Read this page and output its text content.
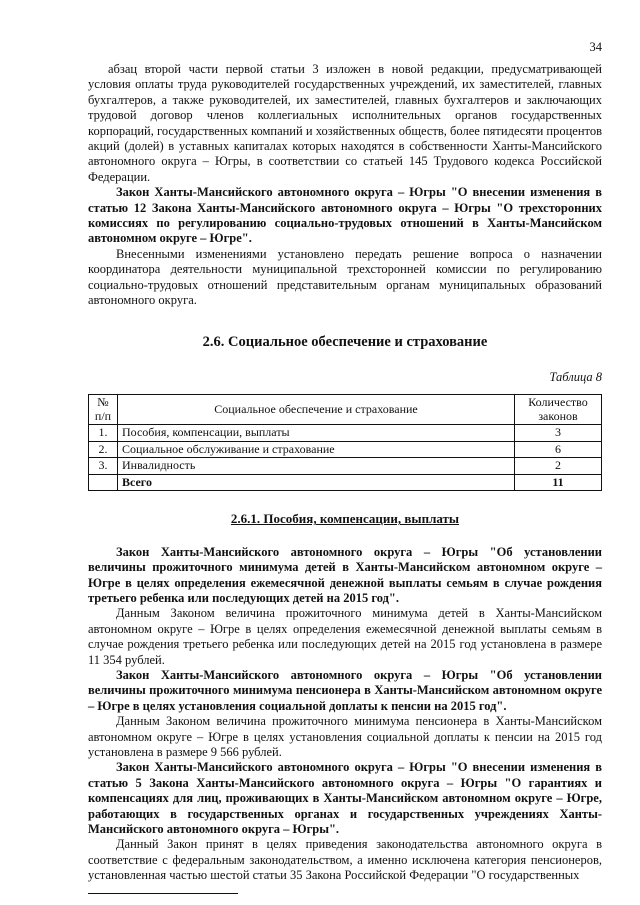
34

абзац второй части первой статьи 3 изложен в новой редакции, предусматривающей условия оплаты труда руководителей государственных учреждений, их заместителей, главных бухгалтеров, а также руководителей, их заместителей, главных бухгалтеров и заключающих трудовой договор членов коллегиальных исполнительных органов государственных корпораций, государственных компаний и хозяйственных обществ, более пятидесяти процентов акций (долей) в уставных капиталах которых находятся в собственности Ханты-Мансийского автономного округа – Югры, в соответствии со статьей 145 Трудового кодекса Российской Федерации.

Закон Ханты-Мансийского автономного округа – Югры "О внесении изменения в статью 12 Закона Ханты-Мансийского автономного округа – Югры "О трехсторонних комиссиях по регулированию социально-трудовых отношений в Ханты-Мансийском автономном округе – Югре".

Внесенными изменениями установлено передать решение вопроса о назначении координатора деятельности муниципальной трехсторонней комиссии по регулированию социально-трудовых отношений представительным органам муниципальных образований автономного округа.

2.6. Социальное обеспечение и страхование
Таблица 8
№ п/п	Социальное обеспечение и страхование	Количество законов
1.	Пособия, компенсации, выплаты	3
2.	Социальное обслуживание и страхование	6
3.	Инвалидность	2
	Всего	11
2.6.1. Пособия, компенсации, выплаты

Закон Ханты-Мансийского автономного округа – Югры "Об установлении величины прожиточного минимума детей в Ханты-Мансийском автономном округе – Югре в целях определения ежемесячной денежной выплаты семьям в случае рождения третьего ребенка или последующих детей на 2015 год".

Данным Законом величина прожиточного минимума детей в Ханты-Мансийском автономном округе – Югре в целях определения ежемесячной денежной выплаты семьям в случае рождения третьего ребенка или последующих детей на 2015 год установлена в размере 11 354 рублей.

Закон Ханты-Мансийского автономного округа – Югры "Об установлении величины прожиточного минимума пенсионера в Ханты-Мансийском автономном округе – Югре в целях установления социальной доплаты к пенсии на 2015 год".

Данным Законом величина прожиточного минимума пенсионера в Ханты-Мансийском автономном округе – Югре в целях установления социальной доплаты к пенсии на 2015 год установлена в размере 9 566 рублей.

Закон Ханты-Мансийского автономного округа – Югры "О внесении изменения в статью 5 Закона Ханты-Мансийского автономного округа – Югры "О гарантиях и компенсациях для лиц, проживающих в Ханты-Мансийском автономном округе – Югре, работающих в государственных органах и государственных учреждениях Ханты-Мансийского автономного округа – Югры".

Данный Закон принят в целях приведения законодательства автономного округа в соответствие с федеральным законодательством, а именно исключена категория пенсионеров, установленная частью шестой статьи 35 Закона Российской Федерации "О государственных
